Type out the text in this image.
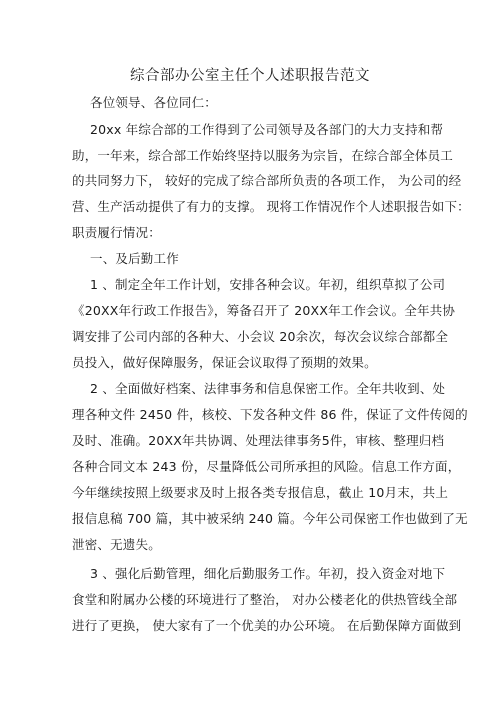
综合部办公室主任个人述职报告范文
各位领导、各位同仁：
20xx 年综合部的工作得到了公司领导及各部门的大力支持和帮
助，一年来，综合部工作始终坚持以服务为宗旨，在综合部全体员工
的共同努力下， 较好的完成了综合部所负责的各项工作， 为公司的经
营、生产活动提供了有力的支撑。 现将工作情况作个人述职报告如下：
职责履行情况：
一、及后勤工作
1 、制定全年工作计划，安排各种会议。年初，组织草拟了公司
《20XX年行政工作报告》，筹备召开了 20XX年工作会议。全年共协
调安排了公司内部的各种大、小会议 20余次，每次会议综合部都全
员投入，做好保障服务，保证会议取得了预期的效果。
2 、全面做好档案、法律事务和信息保密工作。全年共收到、处
理各种文件 2450 件，核校、下发各种文件 86 件，保证了文件传阅的
及时、准确。20XX年共协调、处理法律事务5件，审核、整理归档
各种合同文本 243 份，尽量降低公司所承担的风险。信息工作方面，
今年继续按照上级要求及时上报各类专报信息，截止 10月末，共上
报信息稿 700 篇，其中被采纳 240 篇。今年公司保密工作也做到了无
泄密、无遗失。
3 、强化后勤管理，细化后勤服务工作。年初，投入资金对地下
食堂和附属办公楼的环境进行了整治， 对办公楼老化的供热管线全部
进行了更换， 使大家有了一个优美的办公环境。 在后勤保障方面做到
